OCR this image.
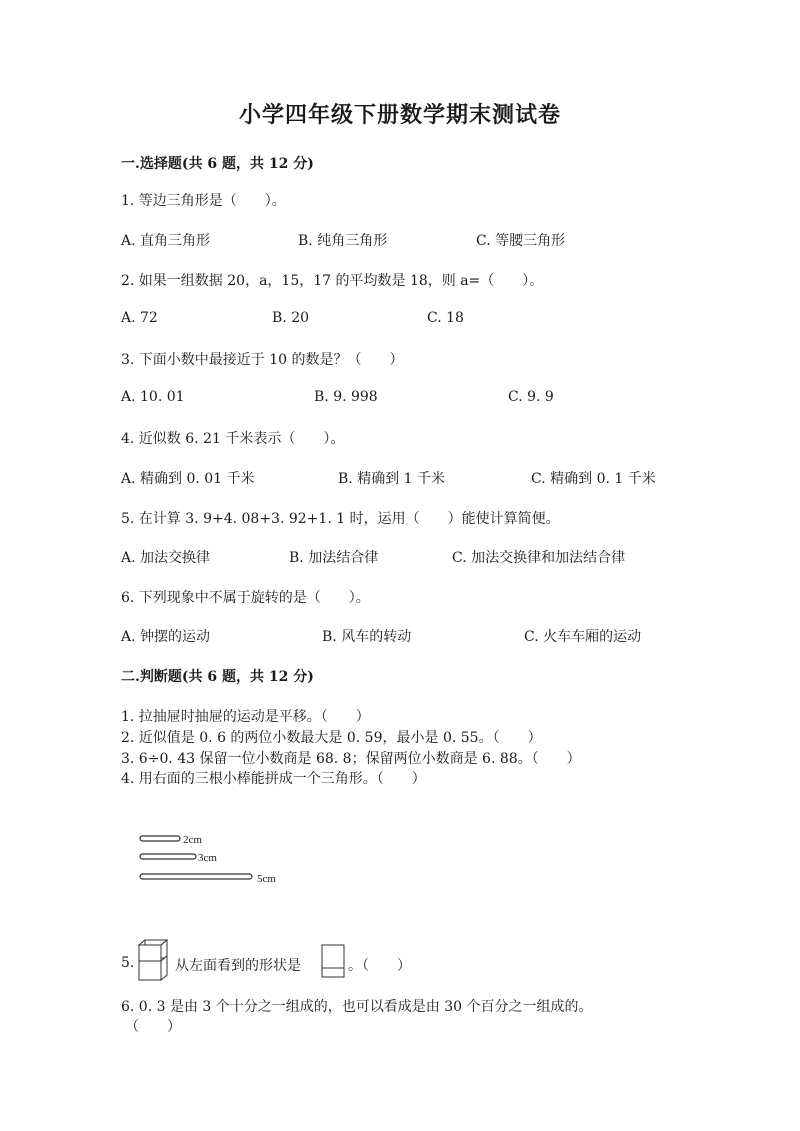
小学四年级下册数学期末测试卷
一.选择题(共 6 题，共 12 分)
1. 等边三角形是（　　）。
A. 直角三角形	B. 纯角三角形	C. 等腰三角形
2. 如果一组数据 20，a，15，17 的平均数是 18，则 a=（　　）。
A. 72	B. 20	C. 18
3. 下面小数中最接近于 10 的数是？（　　）
A. 10. 01	B. 9. 998	C. 9. 9
4. 近似数 6. 21 千米表示（　　）。
A. 精确到 0. 01 千米	B. 精确到 1 千米	C. 精确到 0. 1 千米
5. 在计算 3. 9+4. 08+3. 92+1. 1 时，运用（　　）能使计算简便。
A. 加法交换律	B. 加法结合律	C. 加法交换律和加法结合律
6. 下列现象中不属于旋转的是（　　）。
A. 钟摆的运动	B. 风车的转动	C. 火车车厢的运动
二.判断题(共 6 题，共 12 分)
1. 拉抽屉时抽屉的运动是平移。（　　）
2. 近似值是 0. 6 的两位小数最大是 0. 59，最小是 0. 55。（　　）
3. 6÷0. 43 保留一位小数商是 68. 8；保留两位小数商是 6. 88。（　　）
4. 用右面的三根小棒能拼成一个三角形。（　　）
2cm
3cm
5cm
5.	从左面看到的形状是	。（　　）
6. 0. 3 是由 3 个十分之一组成的，也可以看成是由 30 个百分之一组成的。
（　　）
